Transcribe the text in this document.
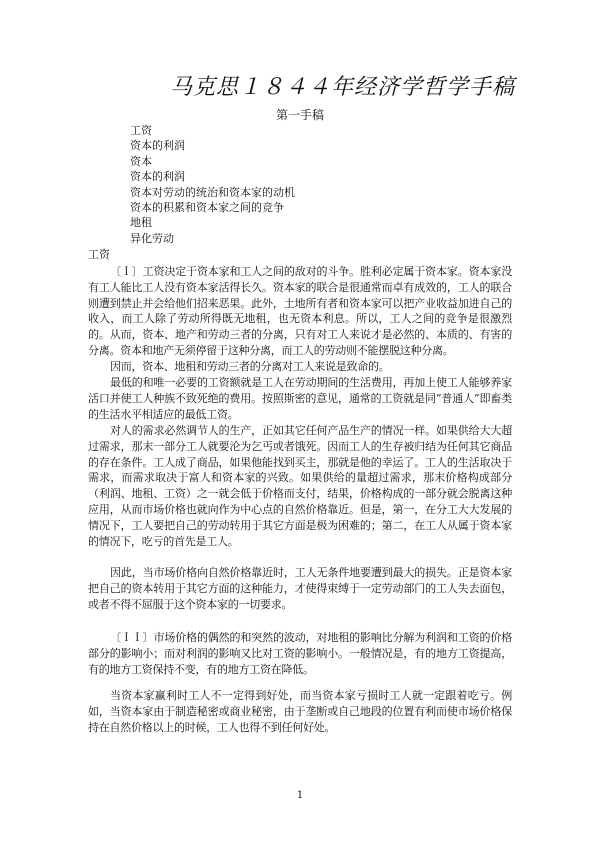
马克思１８４４年经济学哲学手稿
第一手稿
工资
资本的利润
资本
资本的利润
资本对劳动的统治和资本家的动机
资本的积累和资本家之间的竞争
地租
异化劳动
工资

〔Ｉ〕工资决定于资本家和工人之间的敌对的斗争。胜利必定属于资本家。资本家没有工人能比工人没有资本家活得长久。资本家的联合是很通常而卓有成效的，工人的联合则遭到禁止并会给他们招来恶果。此外，土地所有者和资本家可以把产业收益加进自己的收入，而工人除了劳动所得既无地租，也无资本利息。所以，工人之间的竞争是很激烈的。从而，资本、地产和劳动三者的分离，只有对工人来说才是必然的、本质的、有害的分离。资本和地产无须停留于这种分离，而工人的劳动则不能摆脱这种分离。

因而，资本、地租和劳动三者的分离对工人来说是致命的。

最低的和唯一必要的工资额就是工人在劳动期间的生活费用，再加上使工人能够养家活口并使工人种族不致死绝的费用。按照斯密的意见，通常的工资就是同“普通人”即畜类的生活水平相适应的最低工资。

对人的需求必然调节人的生产，正如其它任何产品生产的情况一样。如果供给大大超过需求，那末一部分工人就要沦为乞丐或者饿死。因而工人的生存被归结为任何其它商品的存在条件。工人成了商品，如果他能找到买主，那就是他的幸运了。工人的生活取决于需求，而需求取决于富人和资本家的兴致。如果供给的量超过需求，那末价格构成部分（利润、地租、工资）之一就会低于价格而支付，结果，价格构成的一部分就会脱离这种应用，从而市场价格也就向作为中心点的自然价格靠近。但是，第一，在分工大大发展的情况下，工人要把自己的劳动转用于其它方面是极为困难的；第二，在工人从属于资本家的情况下，吃亏的首先是工人。

因此，当市场价格向自然价格靠近时，工人无条件地要遭到最大的损失。正是资本家把自己的资本转用于其它方面的这种能力，才使得束缚于一定劳动部门的工人失去面包，或者不得不屈服于这个资本家的一切要求。

〔ＩＩ〕市场价格的偶然的和突然的波动，对地租的影响比分解为利润和工资的价格部分的影响小；而对利润的影响又比对工资的影响小。一般情况是，有的地方工资提高，有的地方工资保持不变，有的地方工资在降低。

当资本家赢利时工人不一定得到好处，而当资本家亏损时工人就一定跟着吃亏。例如，当资本家由于制造秘密或商业秘密，由于垄断或自己地段的位置有利而使市场价格保持在自然价格以上的时候，工人也得不到任何好处。

1
